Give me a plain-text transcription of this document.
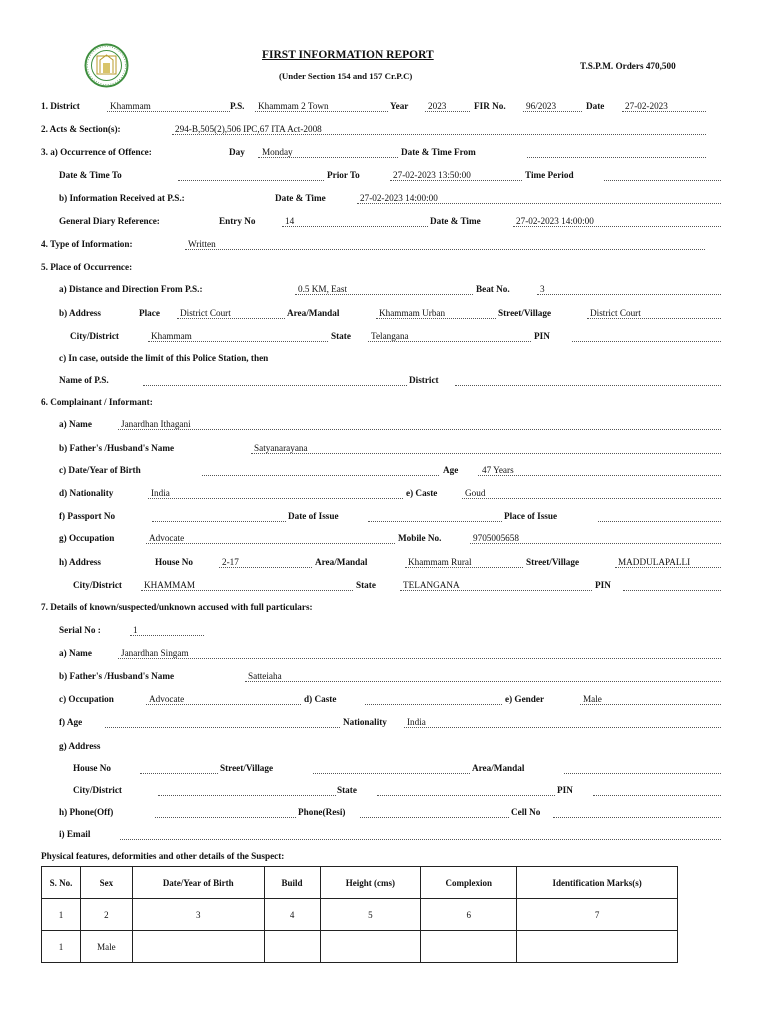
FIRST INFORMATION REPORT
(Under Section 154 and 157 Cr.P.C)
T.S.P.M. Orders 470,500
1. District	Khammam	P.S. Khammam 2 Town	Year 2023	FIR No. 96/2023	Date 27-02-2023
2. Acts & Section(s):	294-B,505(2),506 IPC,67 ITA Act-2008
3. a) Occurrence of Offence:	Day Monday	Date & Time From
Date & Time To	Prior To	27-02-2023 13:50:00	Time Period
b) Information Received at P.S.:	Date & Time	27-02-2023 14:00:00
General Diary Reference:	Entry No	14	Date & Time	27-02-2023 14:00:00
4. Type of Information:	Written
5. Place of Occurrence:
a) Distance and Direction From P.S.:	0.5 KM, East	Beat No.	3
b) Address	Place District Court	Area/Mandal	Khammam Urban	Street/Village	District Court
City/District	Khammam	State Telangana	PIN
c) In case, outside the limit of this Police Station, then
Name of P.S.	District
6. Complainant / Informant:
a) Name	Janardhan Ithagani
b) Father's /Husband's Name	Satyanarayana
c) Date/Year of Birth	Age	47 Years
d) Nationality	India	e) Caste	Goud
f) Passport No	Date of Issue	Place of Issue
g) Occupation	Advocate	Mobile No.	9705005658
h) Address	House No	2-17	Area/Mandal	Khammam Rural	Street/Village	MADDULAPALLI
City/District KHAMMAM	State	TELANGANA	PIN
7. Details of known/suspected/unknown accused with full particulars:
Serial No :	1
a) Name	Janardhan Singam
b) Father's /Husband's Name	Satteiaha
c) Occupation	Advocate	d) Caste	e) Gender	Male
f) Age	Nationality India
g) Address
House No	Street/Village	Area/Mandal
City/District	State	PIN
h) Phone(Off)	Phone(Resi)	Cell No
i) Email
Physical features, deformities and other details of the Suspect:
S. No.	Sex	Date/Year of Birth	Build	Height (cms)	Complexion	Identification Marks(s)
1	2	3	4	5	6	7
1	Male					
